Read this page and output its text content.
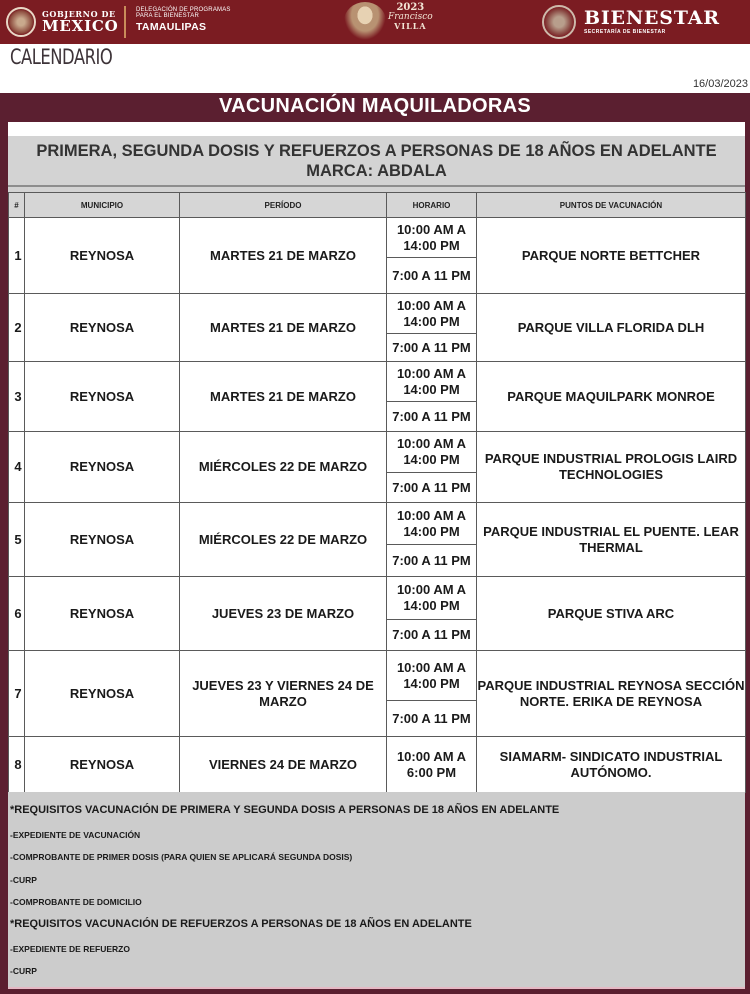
GOBIERNO DE
MÉXICO
DELEGACIÓN DE PROGRAMAS
PARA EL BIENESTAR
TAMAULIPAS
2023
Francisco
VILLA	BIENESTAR
SECRETARÍA DE BIENESTAR
CALENDARIO
16/03/2023
VACUNACIÓN MAQUILADORAS
PRIMERA, SEGUNDA DOSIS Y REFUERZOS A PERSONAS DE 18 AÑOS EN ADELANTE
MARCA: ABDALA
#	MUNICIPIO	PERÍODO	HORARIO	PUNTOS DE VACUNACIÓN
1	REYNOSA	MARTES 21 DE MARZO	10:00 AM A 14:00 PM	PARQUE NORTE BETTCHER
			7:00 A 11 PM	
2	REYNOSA	MARTES 21 DE MARZO	10:00 AM A 14:00 PM	PARQUE VILLA FLORIDA DLH
			7:00 A 11 PM	
3	REYNOSA	MARTES 21 DE MARZO	10:00 AM A 14:00 PM	PARQUE MAQUILPARK MONROE
			7:00 A 11 PM	
4	REYNOSA	MIÉRCOLES 22 DE MARZO	10:00 AM A 14:00 PM	PARQUE INDUSTRIAL PROLOGIS LAIRD TECHNOLOGIES
			7:00 A 11 PM	
5	REYNOSA	MIÉRCOLES 22 DE MARZO	10:00 AM A 14:00 PM	PARQUE INDUSTRIAL EL PUENTE. LEAR THERMAL
			7:00 A 11 PM	
6	REYNOSA	JUEVES 23 DE MARZO	10:00 AM A 14:00 PM	PARQUE STIVA ARC
			7:00 A 11 PM	
7	REYNOSA	JUEVES 23 Y VIERNES 24 DE MARZO	10:00 AM A 14:00 PM	PARQUE INDUSTRIAL REYNOSA SECCIÓN NORTE. ERIKA DE REYNOSA
			7:00 A 11 PM	
8	REYNOSA	VIERNES 24 DE MARZO	10:00 AM A 6:00 PM	SIAMARM- SINDICATO INDUSTRIAL AUTÓNOMO.
*REQUISITOS VACUNACIÓN DE PRIMERA Y SEGUNDA DOSIS A PERSONAS DE 18 AÑOS EN ADELANTE
-EXPEDIENTE DE VACUNACIÓN
-COMPROBANTE DE PRIMER DOSIS (PARA QUIEN SE APLICARÁ SEGUNDA DOSIS)
-CURP
-COMPROBANTE DE DOMICILIO
*REQUISITOS VACUNACIÓN DE REFUERZOS A PERSONAS DE 18 AÑOS EN ADELANTE
-EXPEDIENTE DE REFUERZO
-CURP
